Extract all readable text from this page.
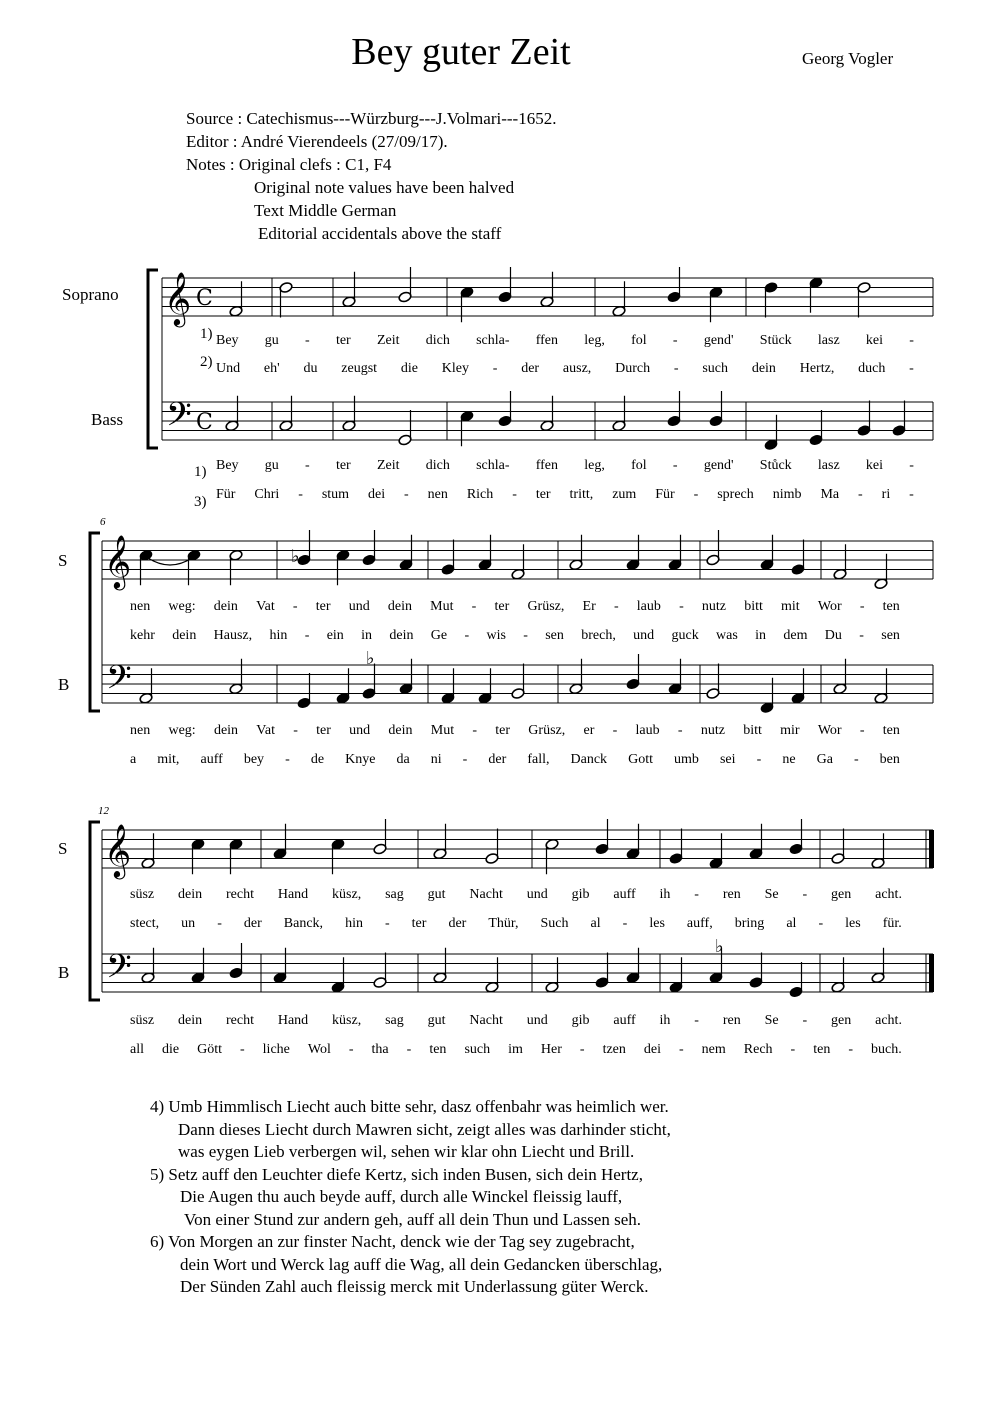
Bey guter Zeit	Georg Vogler
Source : Catechismus---Würzburg---J.Volmari---1652.
Editor : André Vierendeels (27/09/17).
Notes : Original clefs : C1, F4
Original note values have been halved
Text Middle German
Editorial accidentals above the staff
Soprano
Bass
S
B
S
B
1)
2)
1)
3)
6
12
𝄞
𝄢
C
C
𝄞
𝄢
𝄞
𝄢
♭
♭
♭
Bey gu - ter Zeit dich schla- ffen leg, fol - gend' Stück lasz kei -
Und eh' du zeugst die Kley - der ausz, Durch - such dein Hertz, duch -
Bey gu - ter Zeit dich schla- ffen leg, fol - gend' Stůck lasz kei -
Für Chri - stum dei - nen Rich - ter tritt, zum Für - sprech nimb Ma - ri -
nen weg: dein Vat - ter und dein Mut - ter Grüsz, Er - laub - nutz bitt mit Wor - ten
kehr dein Hausz, hin - ein in dein Ge - wis - sen brech, und guck was in dem Du - sen
nen weg: dein Vat - ter und dein Mut - ter Grüsz, er - laub - nutz bitt mir Wor - ten
a mit, auff bey - de Knye da ni - der fall, Danck Gott umb sei - ne Ga - ben
süsz dein recht Hand küsz, sag gut Nacht und gib auff ih - ren Se - gen acht.
stect, un - der Banck, hin - ter der Thür, Such al - les auff, bring al - les für.
süsz dein recht Hand küsz, sag gut Nacht und gib auff ih - ren Se - gen acht.
all die Gött - liche Wol - tha - ten such im Her - tzen dei - nem Rech - ten - buch.
4) Umb Himmlisch Liecht auch bitte sehr, dasz offenbahr was heimlich wer.
Dann dieses Liecht durch Mawren sicht, zeigt alles was darhinder sticht,
was eygen Lieb verbergen wil, sehen wir klar ohn Liecht und Brill.
5) Setz auff den Leuchter diefe Kertz, sich inden Busen, sich dein Hertz,
Die Augen thu auch beyde auff, durch alle Winckel fleissig lauff,
Von einer Stund zur andern geh, auff all dein Thun und Lassen seh.
6) Von Morgen an zur finster Nacht, denck wie der Tag sey zugebracht,
dein Wort und Werck lag auff die Wag, all dein Gedancken überschlag,
Der Sünden Zahl auch fleissig merck mit Underlassung güter Werck.
